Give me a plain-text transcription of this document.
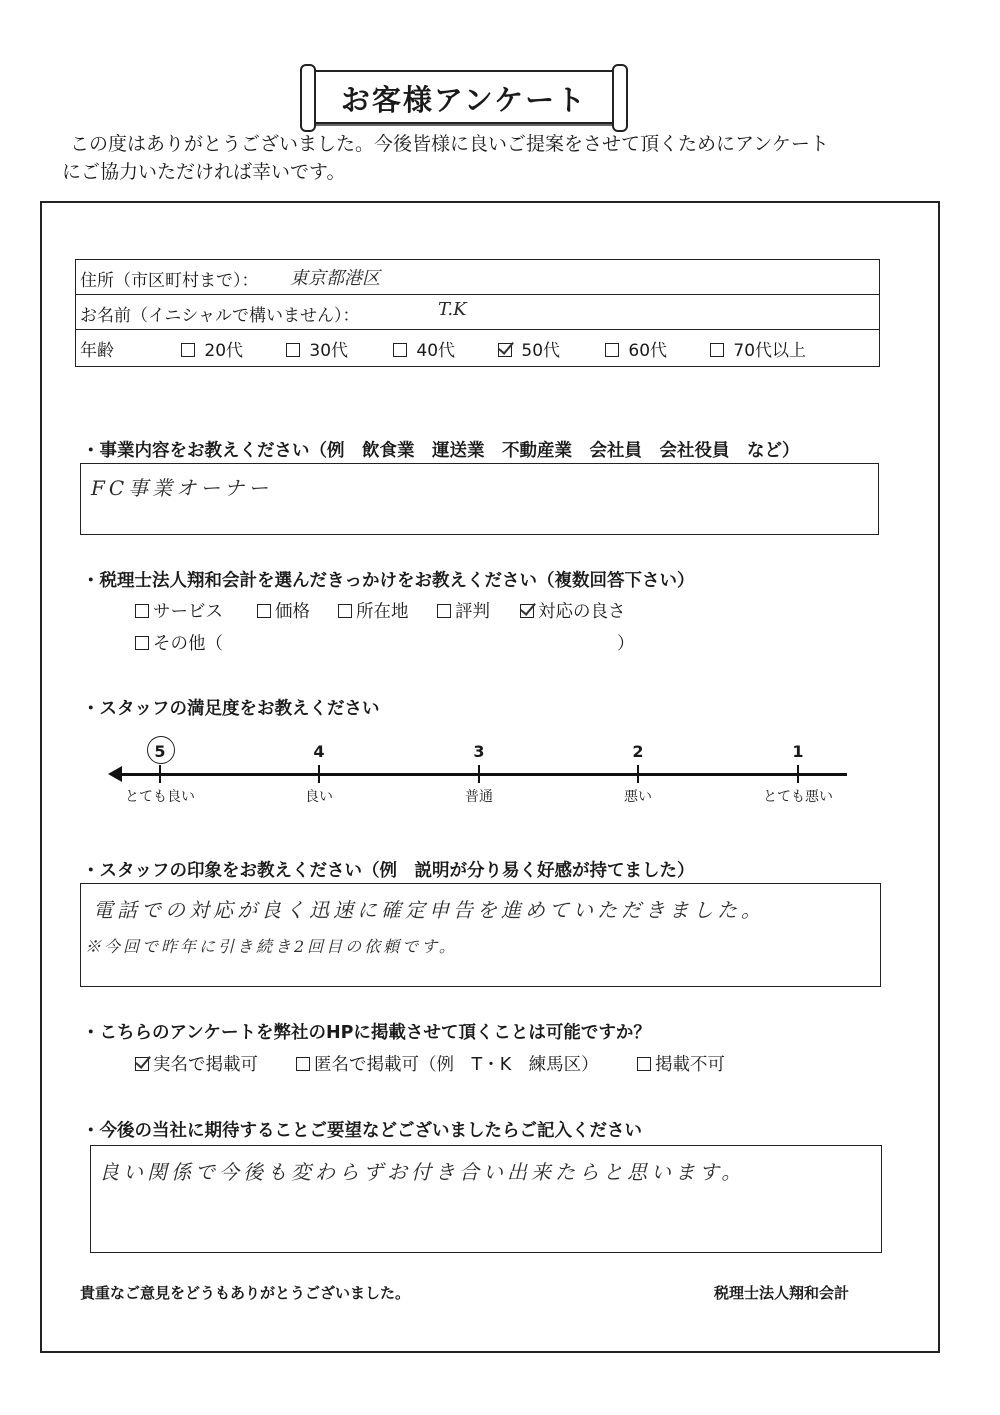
お客様アンケート
この度はありがとうございました。今後皆様に良いご提案をさせて頂くためにアンケート
にご協力いただければ幸いです。
住所（市区町村まで）： 東京都港区
お名前（イニシャルで構いません）：	T.K
年齢	20代	30代	40代	50代	60代	70代以上
・事業内容をお教えください（例　飲食業　運送業　不動産業　会社員　会社役員　など）
FC事業オーナー
・税理士法人翔和会計を選んだきっかけをお教えください（複数回答下さい）
サービス	価格	所在地	評判	対応の良さ
その他（	）
・スタッフの満足度をお教えください
5	4	3	2	1
とても良い	良い	普通	悪い	とても悪い
・スタッフの印象をお教えください（例　説明が分り易く好感が持てました）
電話での対応が良く迅速に確定申告を進めていただきました。
※今回で昨年に引き続き2回目の依頼です。
・こちらのアンケートを弊社のHPに掲載させて頂くことは可能ですか？
実名で掲載可	匿名で掲載可（例　T・K　練馬区）	掲載不可
・今後の当社に期待することご要望などございましたらご記入ください
良い関係で今後も変わらずお付き合い出来たらと思います。
貴重なご意見をどうもありがとうございました。	税理士法人翔和会計
